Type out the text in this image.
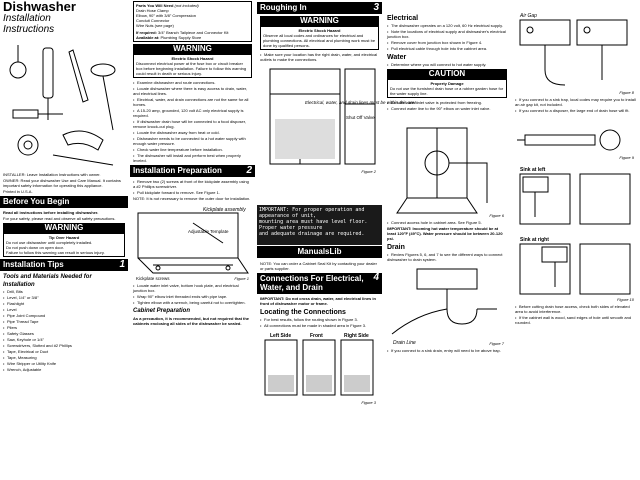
Dishwasher
Installation
Instructions
INSTALLER: Leave Installation Instructions with owner.
OWNER: Read your dishwasher Use and Care Manual. It contains important safety information for operating this appliance.
Printed in U.S.A.
Before You Begin
Read all instructions before installing dishwasher.
For your safety, please read and observe all safety precautions.
WARNING
Tip Over Hazard
Do not use dishwasher until completely installed.
Do not push down on open door.
Failure to follow this warning can result in serious injury.
Installation Tips	1
Tools and Materials Needed for Installation
• Drill, Bits
• Level, 1/4" or 3/8"
• Flashlight
• Level
• Pipe Joint Compound
• Pipe Thread Tape
• Pliers
• Safety Glasses
• Saw, Keyhole or 1/4"
• Screwdrivers, Slotted and #2 Phillips
• Tape, Electrical or Duct
• Tape, Measuring
• Wire Stripper or Utility Knife
• Wrench, Adjustable
Parts You Will Need (not included)
Drain Hose Clamp
Elbow, 90° with 3/8" Compression
Conduit Connector
Wire Nuts (see page)
If required: 3/4" Branch Tailpiece and Connector Kit
Available at: Plumbing Supply Store
WARNING
Electric Shock Hazard
Disconnect electrical power at the fuse box or circuit breaker box before beginning installation. Failure to follow this warning could result in death or serious injury.
• Examine dishwasher and route connections.
• Locate dishwasher where there is easy access to drain, water, and electrical lines.
• Electrical, water, and drain connections are not the same for all homes.
• A 15-20 amp, grounded, 120 volt AC only electrical supply is required.
• If dishwasher drain hose will be connected to a food disposer, remove knock-out plug.
• Locate the dishwasher away from heat or cold.
• Dishwasher needs to be connected to a hot water supply with enough water pressure.
• Check water line temperature before installation.
• The dishwasher will install and perform best when properly leveled.
Installation Preparation 2
• Remove two (2) screws at front of the kickplate assembly using a #2 Phillips screwdriver.
• Pull kickplate forward to remove. See Figure 1.
NOTE: It is not necessary to remove the outer door for installation.
Kickplate assembly
Adjustable Template
Kickplate screws	Figure 1
• Locate water inlet valve, bottom hook plate, and electrical junction box.
• Wrap 90° elbow inlet threaded ends with pipe tape.
• Tighten elbow with a wrench, being careful not to overtighten.
Cabinet Preparation
As a precaution, it is recommended, but not required that the cabinets enclosing all sides of the dishwasher be sealed.
Roughing In	3
WARNING
Electric Shock Hazard
Observe all local codes and ordinances for electrical and plumbing connections. All electrical and plumbing work must be done by qualified persons.
• Make sure your location has the right drain, water, and electrical outlets to make the connections.
Electrical, water, and drain lines must be within this area
Shut Off Valve
Figure 2
IMPORTANT: For proper operation and appearance of unit,
mounting area must have level floor. Proper water pressure
and adequate drainage are required.
ManualsLib
NOTE: You can order a Cabinet Seal Kit by contacting your dealer or parts supplier.
Connections For Electrical, Water, and Drain
4
IMPORTANT: Do not cross drain, water, and electrical lines in front of dishwasher motor or frame.
Locating the Connections
• For best results, follow the routing shown in Figure 3.
• All connections must be made in shaded area in Figure 3.
Left Side	Front	Right Side
Figure 3
Electrical
• The dishwasher operates on a 120 volt, 60 Hz electrical supply.
• Note the locations of electrical supply and dishwasher's electrical junction box.
• Remove cover from junction box shown in Figure 4.
• Pull electrical cable through hole into the cabinet area.
Water
• Determine where you will connect to hot water supply.
CAUTION
Property Damage
Do not use the furnished drain hose or a rubber garden hose for the water supply line.
• Be sure water inlet valve is protected from freezing.
• Connect water line to the 90° elbow on water inlet valve.
Figure 6
• Connect access hole in cabinet area. See Figure 5.
IMPORTANT: Incoming hot water temperature should be at least 120°F (49°C). Water pressure should be between 20-120 psi.
Drain
• Review Figures 5, 6, and 7 to see the different ways to connect dishwasher to drain system.
Drain Line	Figure 7
• If you connect to a sink drain, entry will need to be above trap.
Air Gap
Figure 8
• If you connect to a sink trap, local codes may require you to install an air gap kit, not included.
• If you connect to a disposer, the large end of drain hose will fit.
Figure 9
Sink at left
Sink at right
Figure 10
• Before cutting drain hose access, check both sides of elevated area to avoid interference.
• If the cabinet wall is wood, sand edges of hole until smooth and rounded.
